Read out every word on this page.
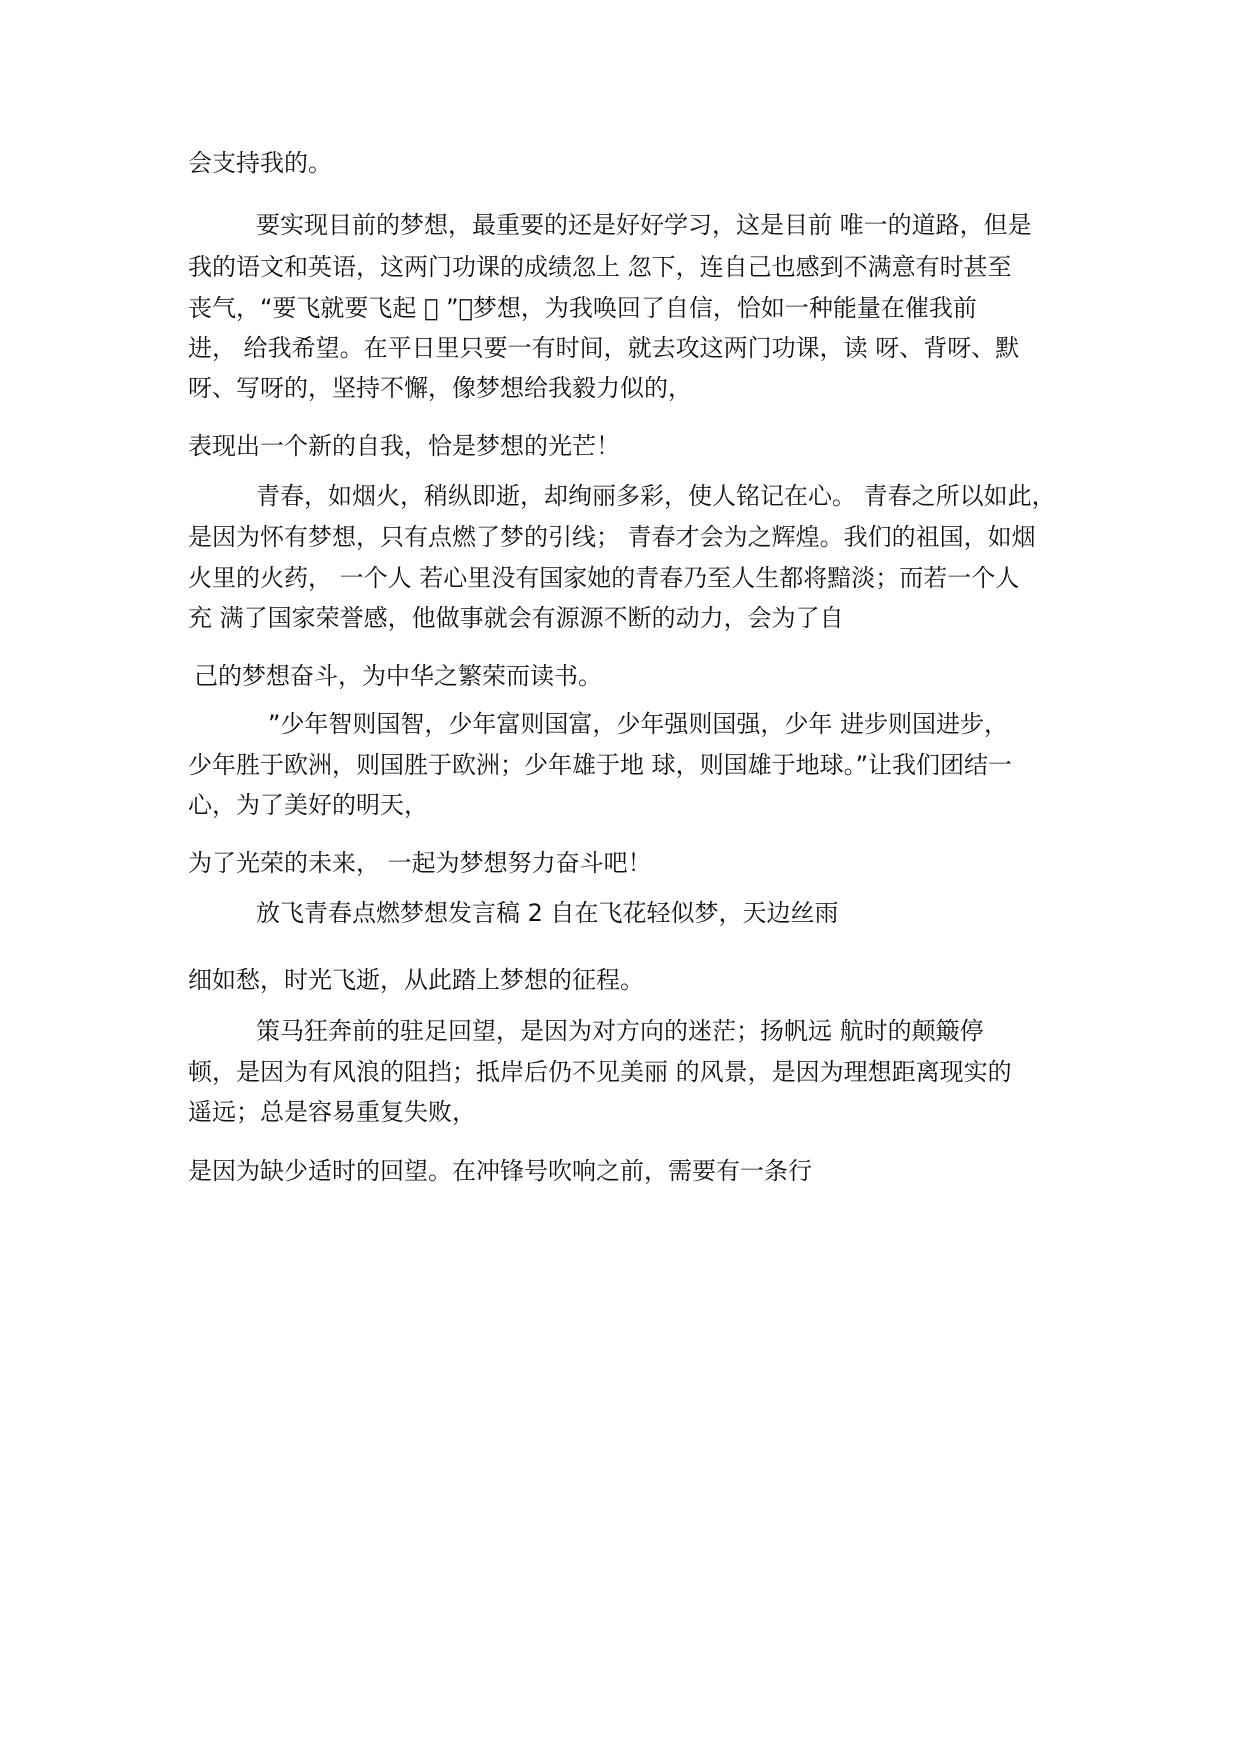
会支持我的。

要实现目前的梦想，最重要的还是好好学习，这是目前 唯一的道路，但是

我的语文和英语，这两门功课的成绩忽上 忽下，连自己也感到不满意有时甚至

丧气，“要飞就要飞起 ￿ ”，梦想，为我唤回了自信，恰如一种能量在催我前

进， 给我希望。在平日里只要一有时间，就去攻这两门功课，读 呀、背呀、默

呀、写呀的，坚持不懈，像梦想给我毅力似的，

表现出一个新的自我，恰是梦想的光芒！

青春，如烟火，稍纵即逝，却绚丽多彩，使人铭记在心。 青春之所以如此，

是因为怀有梦想，只有点燃了梦的引线； 青春才会为之辉煌。我们的祖国，如烟

火里的火药， 一个人 若心里没有国家她的青春乃至人生都将黯淡；而若一个人

充 满了国家荣誉感，他做事就会有源源不断的动力，会为了自

己的梦想奋斗，为中华之繁荣而读书。

”少年智则国智，少年富则国富，少年强则国强，少年 进步则国进步，

少年胜于欧洲，则国胜于欧洲；少年雄于地 球，则国雄于地球。”让我们团结一

心，为了美好的明天，

为了光荣的未来， 一起为梦想努力奋斗吧！

放飞青春点燃梦想发言稿 2 自在飞花轻似梦，天边丝雨

细如愁，时光飞逝，从此踏上梦想的征程。

策马狂奔前的驻足回望，是因为对方向的迷茫；扬帆远 航时的颠簸停

顿，是因为有风浪的阻挡；抵岸后仍不见美丽 的风景，是因为理想距离现实的

遥远；总是容易重复失败，

是因为缺少适时的回望。在冲锋号吹响之前，需要有一条行
